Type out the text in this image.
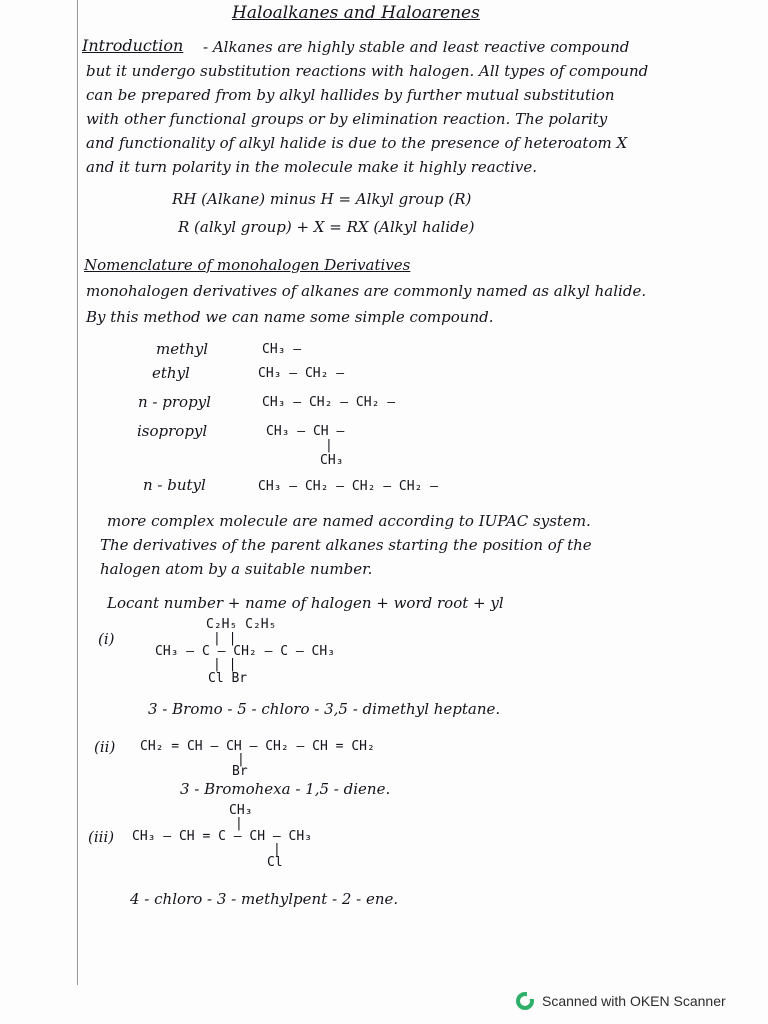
Haloalkanes and Haloarenes
Introduction - Alkanes are highly stable and least reactive compound
but it undergo substitution reactions with halogen. All types of compound
can be prepared from by alkyl hallides by further mutual substitution
with other functional groups or by elimination reaction. The polarity
and functionality of alkyl halide is due to the presence of heteroatom X
and it turn polarity in the molecule make it highly reactive.
RH (Alkane) minus H = Alkyl group (R)
R (alkyl group) + X = RX (Alkyl halide)
Nomenclature of monohalogen Derivatives
monohalogen derivatives of alkanes are commonly named as alkyl halide.
By this method we can name some simple compound.
methyl	CH₃ —
ethyl	CH₃ — CH₂ —
n - propyl	CH₃ — CH₂ — CH₂ —
isopropyl	CH₃ — CH —
|
CH₃
n - butyl	CH₃ — CH₂ — CH₂ — CH₂ —
more complex molecule are named according to IUPAC system.
The derivatives of the parent alkanes starting the position of the
halogen atom by a suitable number.
Locant number + name of halogen + word root + yl
(i)
C₂H₅ C₂H₅
| |
CH₃ — C — CH₂ — C — CH₃
| |
Cl Br
3 - Bromo - 5 - chloro - 3,5 - dimethyl heptane.
(ii) CH₂ = CH — CH — CH₂ — CH = CH₂
|
Br
3 - Bromohexa - 1,5 - diene.
CH₃
|
(iii) CH₃ — CH = C — CH — CH₃
|
Cl
4 - chloro - 3 - methylpent - 2 - ene.
Scanned with OKEN Scanner
